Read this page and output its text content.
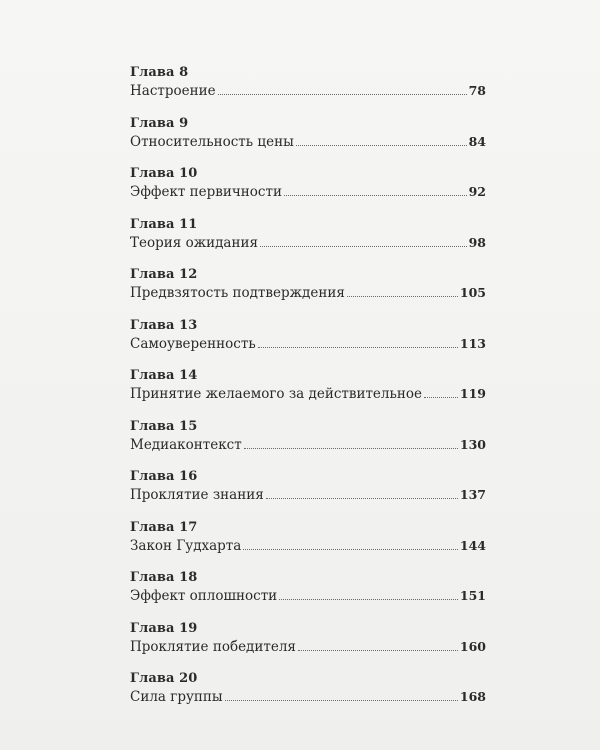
Глава 8
Настроение	78
Глава 9
Относительность цены	84
Глава 10
Эффект первичности	92
Глава 11
Теория ожидания	98
Глава 12
Предвзятость подтверждения	105
Глава 13
Самоуверенность	113
Глава 14
Принятие желаемого за действительное	119
Глава 15
Медиаконтекст	130
Глава 16
Проклятие знания	137
Глава 17
Закон Гудхарта	144
Глава 18
Эффект оплошности	151
Глава 19
Проклятие победителя	160
Глава 20
Сила группы	168
